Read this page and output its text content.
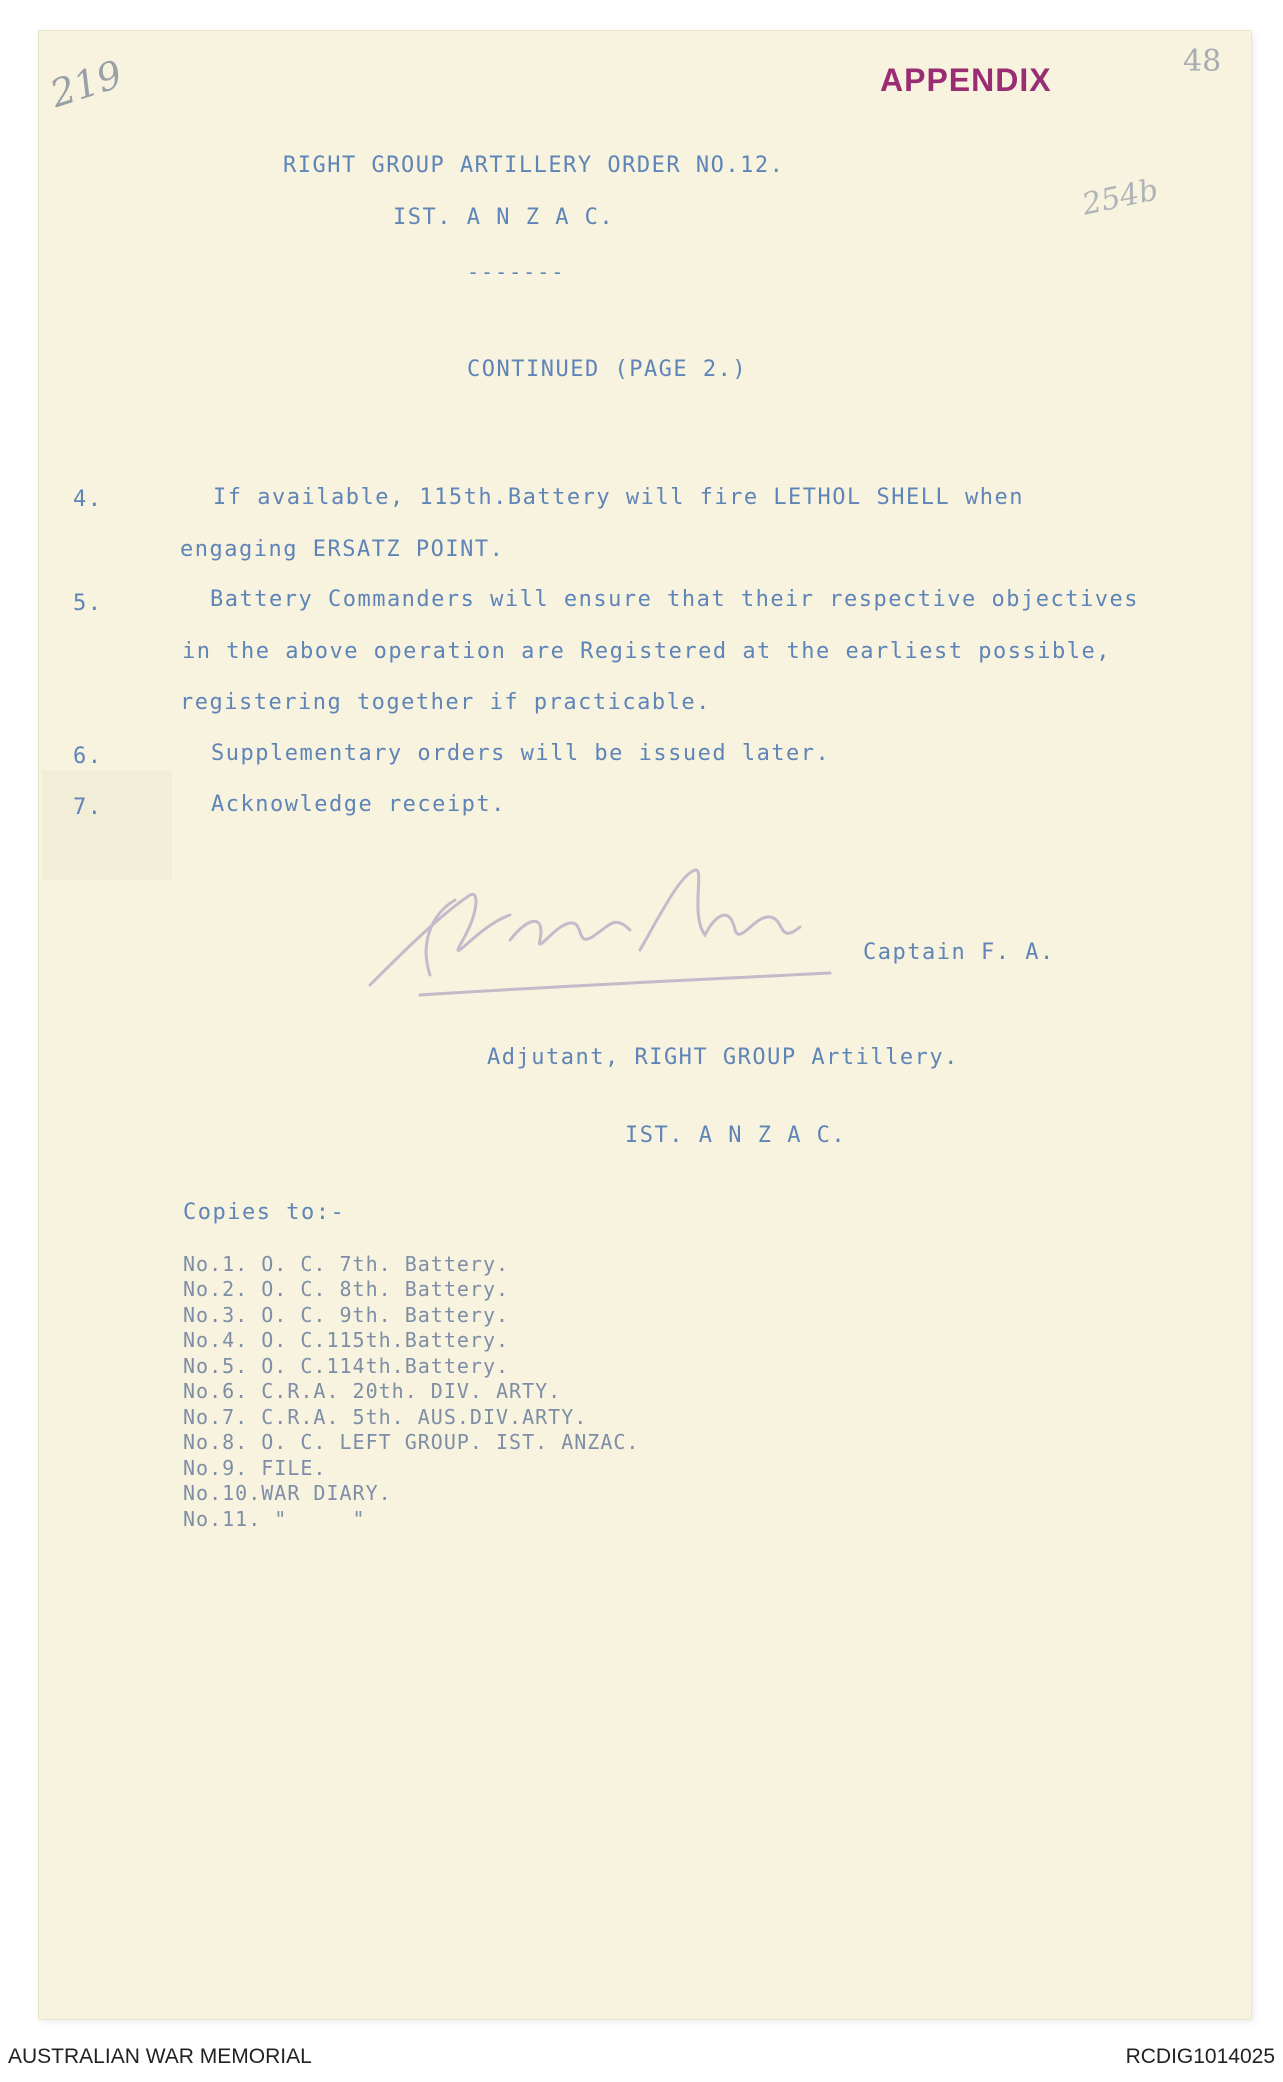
219	48
254b
APPENDIX
RIGHT GROUP ARTILLERY ORDER NO.12.
IST. A N Z A C.
-------
CONTINUED (PAGE 2.)
4.	If available, 115th.Battery will fire LETHOL SHELL when
engaging ERSATZ POINT.
5.	Battery Commanders will ensure that their respective objectives
in the above operation are Registered at the earliest possible,
registering together if practicable.
6.	Supplementary orders will be issued later.
7.	Acknowledge receipt.
Captain F. A.
Adjutant, RIGHT GROUP Artillery.
IST. A N Z A C.
Copies to:-
No.1. O. C. 7th. Battery.
No.2. O. C. 8th. Battery.
No.3. O. C. 9th. Battery.
No.4. O. C.115th.Battery.
No.5. O. C.114th.Battery.
No.6. C.R.A. 20th. DIV. ARTY.
No.7. C.R.A. 5th. AUS.DIV.ARTY.
No.8. O. C. LEFT GROUP. IST. ANZAC.
No.9. FILE.
No.10.WAR DIARY.
No.11. "     "
AUSTRALIAN WAR MEMORIAL	RCDIG1014025
